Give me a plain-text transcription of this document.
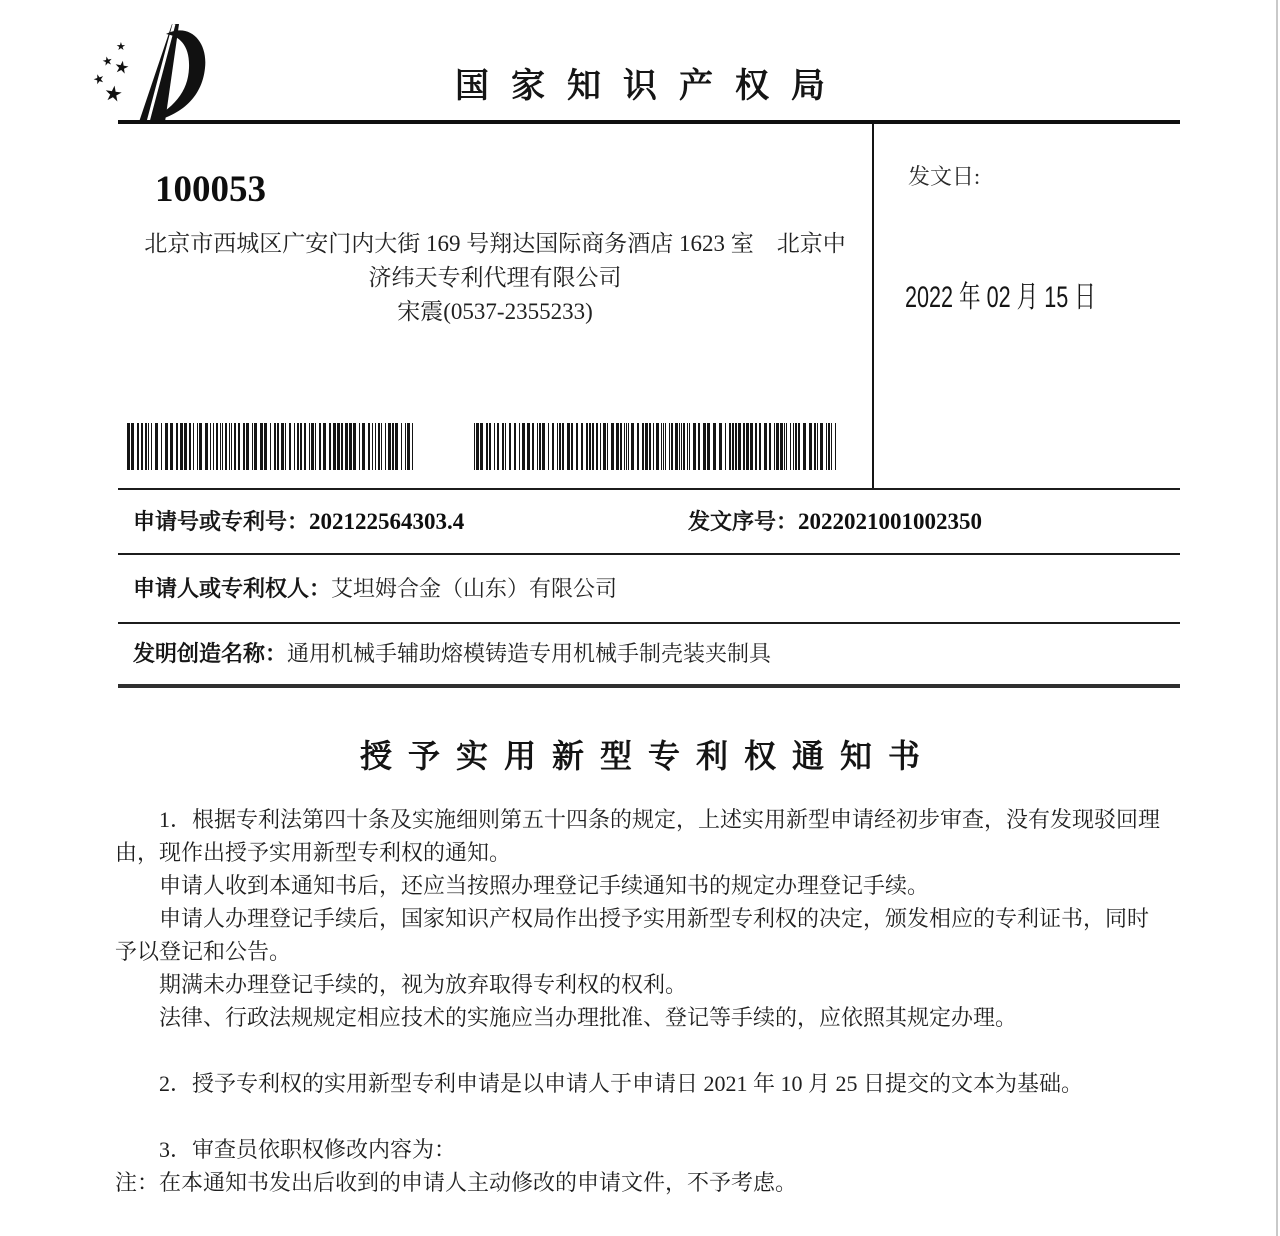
★
★
★
★
★	国家知识产权局
100053
北京市西城区广安门内大街 169 号翔达国际商务酒店 1623 室　北京中
济纬天专利代理有限公司
宋震(0537-2355233)
发文日:
2022 年 02 月 15 日
申请号或专利号：202122564303.4	发文序号：2022021001002350
申请人或专利权人：艾坦姆合金（山东）有限公司
发明创造名称：通用机械手辅助熔模铸造专用机械手制壳装夹制具
授予实用新型专利权通知书
　　1．根据专利法第四十条及实施细则第五十四条的规定，上述实用新型申请经初步审查，没有发现驳回理
由，现作出授予实用新型专利权的通知。
　　申请人收到本通知书后，还应当按照办理登记手续通知书的规定办理登记手续。
　　申请人办理登记手续后，国家知识产权局作出授予实用新型专利权的决定，颁发相应的专利证书，同时
予以登记和公告。
　　期满未办理登记手续的，视为放弃取得专利权的权利。
　　法律、行政法规规定相应技术的实施应当办理批准、登记等手续的，应依照其规定办理。
　　2．授予专利权的实用新型专利申请是以申请人于申请日 2021 年 10 月 25 日提交的文本为基础。
　　3．审查员依职权修改内容为：
注：在本通知书发出后收到的申请人主动修改的申请文件，不予考虑。
